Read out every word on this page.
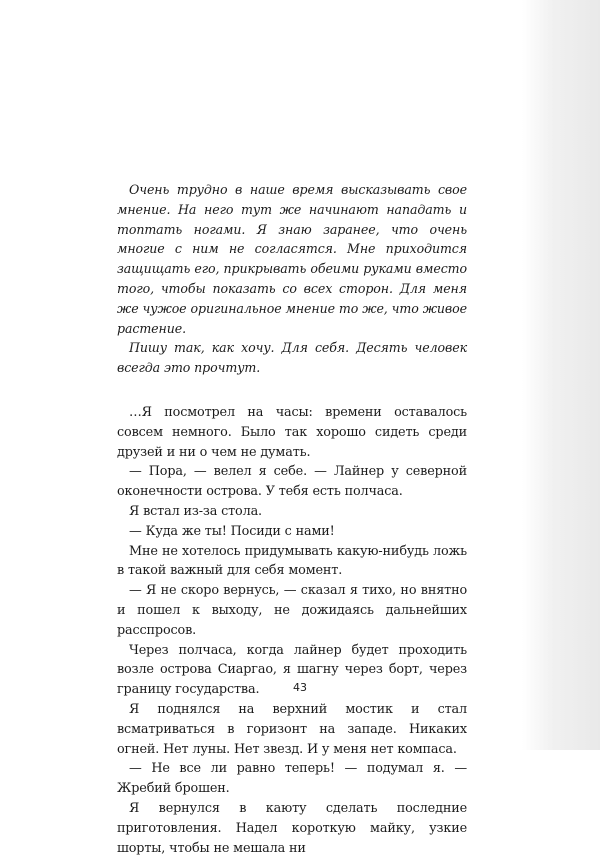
Очень трудно в наше время высказывать свое мнение. На него тут же начинают нападать и топтать ногами. Я знаю заранее, что очень многие с ним не согласятся. Мне приходится защищать его, прикрывать обеими руками вместо того, чтобы показать со всех сторон. Для меня же чужое оригинальное мнение то же, что живое растение.

Пишу так, как хочу. Для себя. Десять человек всегда это прочтут.

…Я посмотрел на часы: времени оставалось совсем немного. Было так хорошо сидеть среди друзей и ни о чем не думать.

— Пора, — велел я себе. — Лайнер у северной оконечности острова. У тебя есть полчаса.

Я встал из-за стола.

— Куда же ты! Посиди с нами!

Мне не хотелось придумывать какую-нибудь ложь в такой важный для себя момент.

— Я не скоро вернусь, — сказал я тихо, но внятно и пошел к выходу, не дожидаясь дальнейших расспросов.

Через полчаса, когда лайнер будет проходить возле острова Сиаргао, я шагну через борт, через границу государства.

Я поднялся на верхний мостик и стал всматриваться в горизонт на западе. Никаких огней. Нет луны. Нет звезд. И у меня нет компаса.

— Не все ли равно теперь! — подумал я. — Жребий брошен.

Я вернулся в каюту сделать последние приготовления. Надел короткую майку, узкие шорты, чтобы не мешала ни

43
